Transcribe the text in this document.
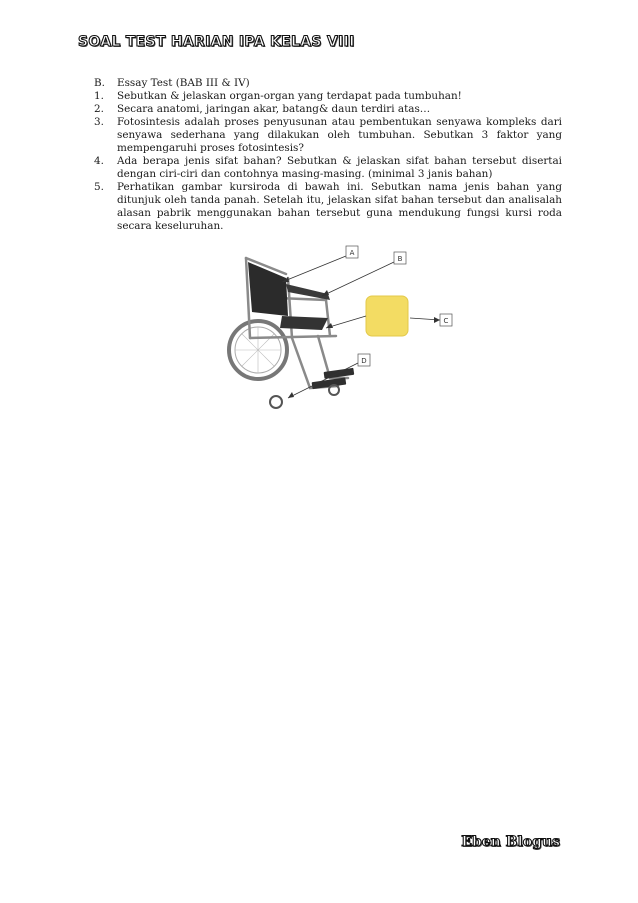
SOAL TEST HARIAN IPA KELAS VIII
B.	Essay Test (BAB III & IV)
1.	Sebutkan & jelaskan organ-organ yang terdapat pada tumbuhan!
2.	Secara anatomi, jaringan akar, batang& daun terdiri atas…
3.	Fotosintesis adalah proses penyusunan atau pembentukan senyawa kompleks dari senyawa sederhana yang dilakukan oleh tumbuhan. Sebutkan 3 faktor yang mempengaruhi proses fotosintesis?
4.	Ada berapa jenis sifat bahan? Sebutkan & jelaskan sifat bahan tersebut disertai dengan ciri-ciri dan contohnya masing-masing. (minimal 3 janis bahan)
5.	Perhatikan gambar kursiroda di bawah ini. Sebutkan nama jenis bahan yang ditunjuk oleh tanda panah. Setelah itu, jelaskan sifat bahan tersebut dan analisalah alasan pabrik menggunakan bahan tersebut guna mendukung fungsi kursi roda secara keseluruhan.
A
B
C
D
Eben Blogus
